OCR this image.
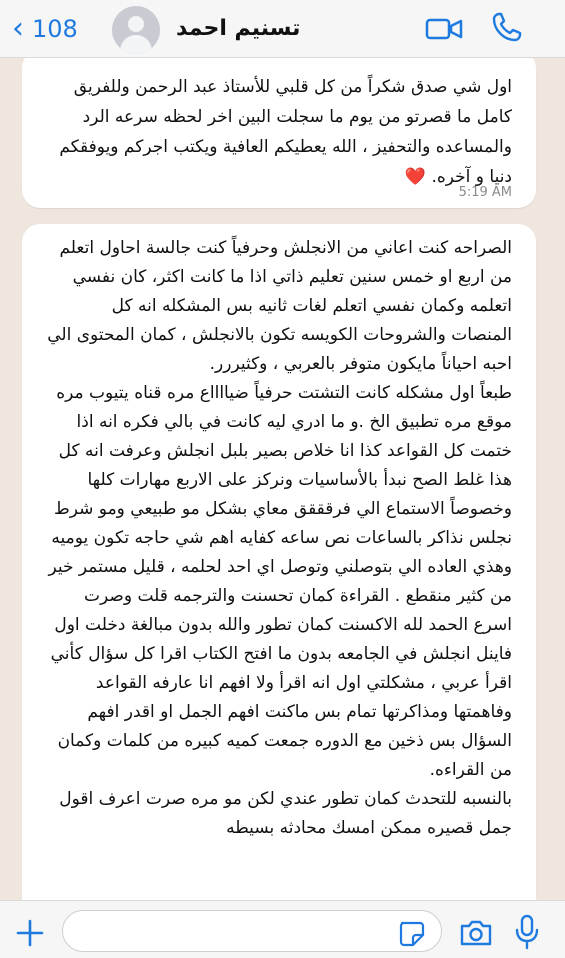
‹ 108	تسنيم احمد
اول شي صدق شكراً من كل قلبي للأستاذ عبد الرحمن وللفريق كامل ما قصرتو من يوم ما سجلت البين اخر لحظه سرعه الرد والمساعده والتحفيز ، الله يعطيكم العافية ويكتب اجركم ويوفقكم دنيا و آخره. ❤️
5:19 AM
الصراحه كنت اعاني من الانجلش وحرفياً كنت جالسة احاول اتعلم من اربع او خمس سنين تعليم ذاتي اذا ما كانت اكثر، كان نفسي اتعلمه وكمان نفسي اتعلم لغات ثانيه بس المشكله انه كل المنصات والشروحات الكويسه تكون بالانجلش ، كمان المحتوى الي احبه احياناً مايكون متوفر بالعربي ، وكثيررر.
طبعاً اول مشكله كانت التشتت حرفياً ضيااااع مره قناه يتيوب مره موقع مره تطبيق الخ .و ما ادري ليه كانت في بالي فكره انه اذا ختمت كل القواعد كذا انا خلاص بصير بلبل انجلش وعرفت انه كل هذا غلط الصح نبدأ بالأساسيات ونركز على الاربع مهارات كلها وخصوصاً الاستماع الي فرقققق معاي بشكل مو طبيعي ومو شرط نجلس نذاكر بالساعات نص ساعه كفايه اهم شي حاجه تكون يوميه وهذي العاده الي بتوصلني وتوصل اي احد لحلمه ، قليل مستمر خير من كثير منقطع . القراءة كمان تحسنت والترجمه قلت وصرت اسرع الحمد لله الاكسنت كمان تطور والله بدون مبالغة دخلت اول فاينل انجلش في الجامعه بدون ما افتح الكتاب اقرا كل سؤال كأني اقرأ عربي ، مشكلتي اول انه اقرأ ولا افهم انا عارفه القواعد وفاهمتها ومذاكرتها تمام بس ماكنت افهم الجمل او اقدر افهم السؤال بس ذخين مع الدوره جمعت كميه كبيره من كلمات وكمان من القراءه.
بالنسبه للتحدث كمان تطور عندي لكن مو مره صرت اعرف اقول جمل قصيره ممكن امسك محادثه بسيطه
